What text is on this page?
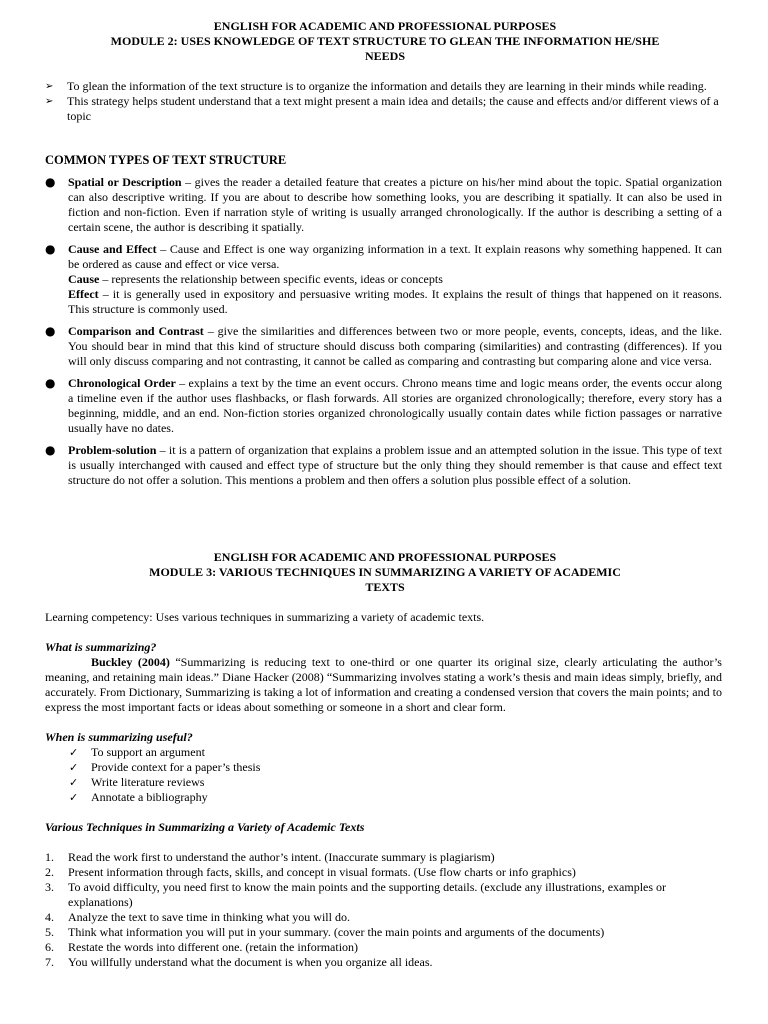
ENGLISH FOR ACADEMIC AND PROFESSIONAL PURPOSES
MODULE 2: USES KNOWLEDGE OF TEXT STRUCTURE TO GLEAN THE INFORMATION HE/SHE
NEEDS
➢	To glean the information of the text structure is to organize the information and details they are learning in their minds while reading.
➢	This strategy helps student understand that a text might present a main idea and details; the cause and effects and/or different views of a topic
COMMON TYPES OF TEXT STRUCTURE
●	Spatial or Description – gives the reader a detailed feature that creates a picture on his/her mind about the topic. Spatial organization can also descriptive writing. If you are about to describe how something looks, you are describing it spatially. It can also be used in fiction and non-fiction. Even if narration style of writing is usually arranged chronologically. If the author is describing a setting of a certain scene, the author is describing it spatially.
●	Cause and Effect – Cause and Effect is one way organizing information in a text. It explain reasons why something happened. It can be ordered as cause and effect or vice versa.
Cause – represents the relationship between specific events, ideas or concepts
Effect – it is generally used in expository and persuasive writing modes. It explains the result of things that happened on it reasons. This structure is commonly used.
●	Comparison and Contrast – give the similarities and differences between two or more people, events, concepts, ideas, and the like. You should bear in mind that this kind of structure should discuss both comparing (similarities) and contrasting (differences). If you will only discuss comparing and not contrasting, it cannot be called as comparing and contrasting but comparing alone and vice versa.
●	Chronological Order – explains a text by the time an event occurs. Chrono means time and logic means order, the events occur along a timeline even if the author uses flashbacks, or flash forwards. All stories are organized chronologically; therefore, every story has a beginning, middle, and an end. Non-fiction stories organized chronologically usually contain dates while fiction passages or narrative usually have no dates.
●	Problem-solution – it is a pattern of organization that explains a problem issue and an attempted solution in the issue. This type of text is usually interchanged with caused and effect type of structure but the only thing they should remember is that cause and effect text structure do not offer a solution. This mentions a problem and then offers a solution plus possible effect of a solution.
ENGLISH FOR ACADEMIC AND PROFESSIONAL PURPOSES
MODULE 3: VARIOUS TECHNIQUES IN SUMMARIZING A VARIETY OF ACADEMIC
TEXTS

Learning competency: Uses various techniques in summarizing a variety of academic texts.

What is summarizing?

Buckley (2004) “Summarizing is reducing text to one-third or one quarter its original size, clearly articulating the author’s meaning, and retaining main ideas.” Diane Hacker (2008) “Summarizing involves stating a work’s thesis and main ideas simply, briefly, and accurately. From Dictionary, Summarizing is taking a lot of information and creating a condensed version that covers the main points; and to express the most important facts or ideas about something or someone in a short and clear form.

When is summarizing useful?

✓	To support an argument
✓	Provide context for a paper’s thesis
✓	Write literature reviews
✓	Annotate a bibliography

Various Techniques in Summarizing a Variety of Academic Texts

1.	Read the work first to understand the author’s intent. (Inaccurate summary is plagiarism)
2.	Present information through facts, skills, and concept in visual formats. (Use flow charts or info graphics)
3.	To avoid difficulty, you need first to know the main points and the supporting details. (exclude any illustrations, examples or explanations)
4.	Analyze the text to save time in thinking what you will do.
5.	Think what information you will put in your summary. (cover the main points and arguments of the documents)
6.	Restate the words into different one. (retain the information)
7.	You willfully understand what the document is when you organize all ideas.
